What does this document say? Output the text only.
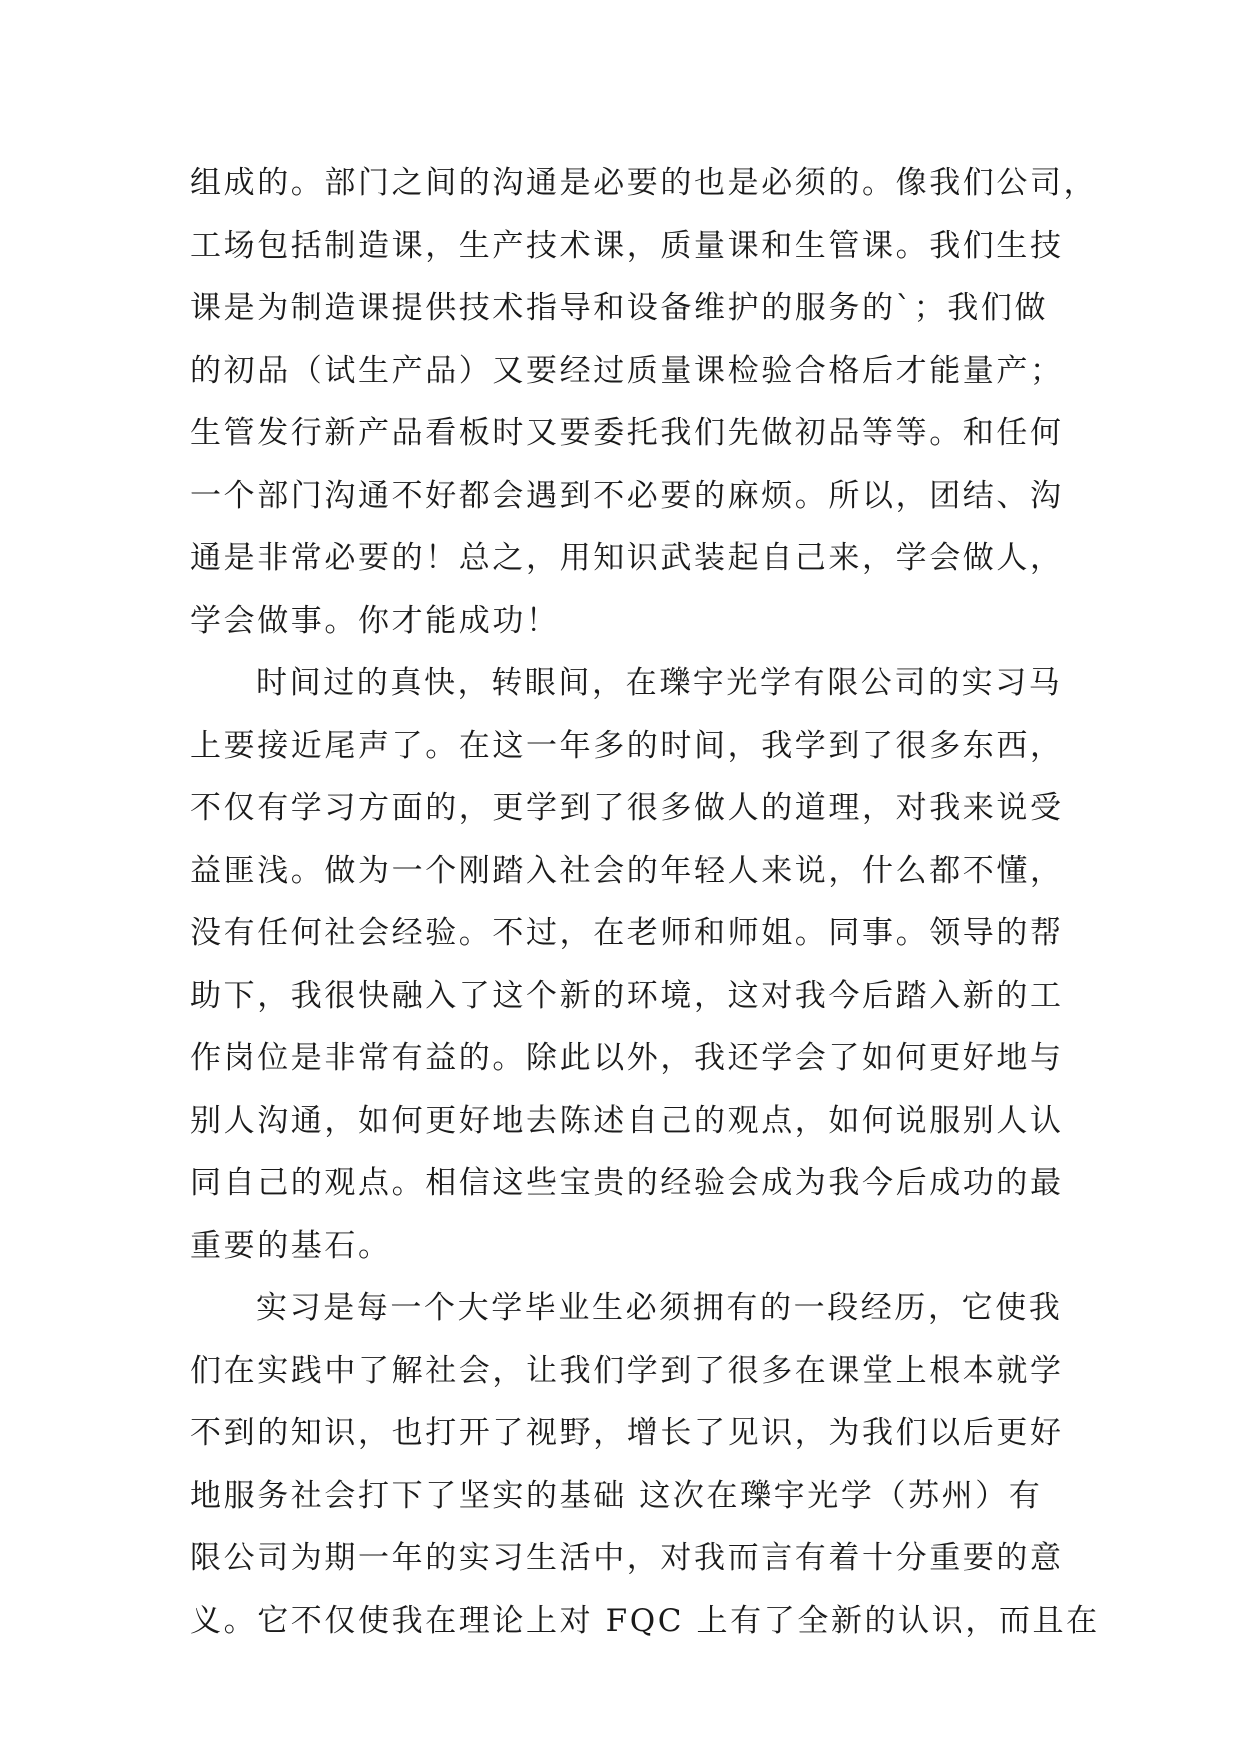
组成的。部门之间的沟通是必要的也是必须的。像我们公司，
工场包括制造课，生产技术课，质量课和生管课。我们生技
课是为制造课提供技术指导和设备维护的服务的`；我们做
的初品（试生产品）又要经过质量课检验合格后才能量产；
生管发行新产品看板时又要委托我们先做初品等等。和任何
一个部门沟通不好都会遇到不必要的麻烦。所以，团结、沟
通是非常必要的！总之，用知识武装起自己来，学会做人，
学会做事。你才能成功！
时间过的真快，转眼间，在瓅宇光学有限公司的实习马
上要接近尾声了。在这一年多的时间，我学到了很多东西，
不仅有学习方面的，更学到了很多做人的道理，对我来说受
益匪浅。做为一个刚踏入社会的年轻人来说，什么都不懂，
没有任何社会经验。不过，在老师和师姐。同事。领导的帮
助下，我很快融入了这个新的环境，这对我今后踏入新的工
作岗位是非常有益的。除此以外，我还学会了如何更好地与
别人沟通，如何更好地去陈述自己的观点，如何说服别人认
同自己的观点。相信这些宝贵的经验会成为我今后成功的最
重要的基石。
实习是每一个大学毕业生必须拥有的一段经历，它使我
们在实践中了解社会，让我们学到了很多在课堂上根本就学
不到的知识，也打开了视野，增长了见识，为我们以后更好
地服务社会打下了坚实的基础 这次在瓅宇光学（苏州）有
限公司为期一年的实习生活中，对我而言有着十分重要的意
义。它不仅使我在理论上对 FQC 上有了全新的认识，而且在
